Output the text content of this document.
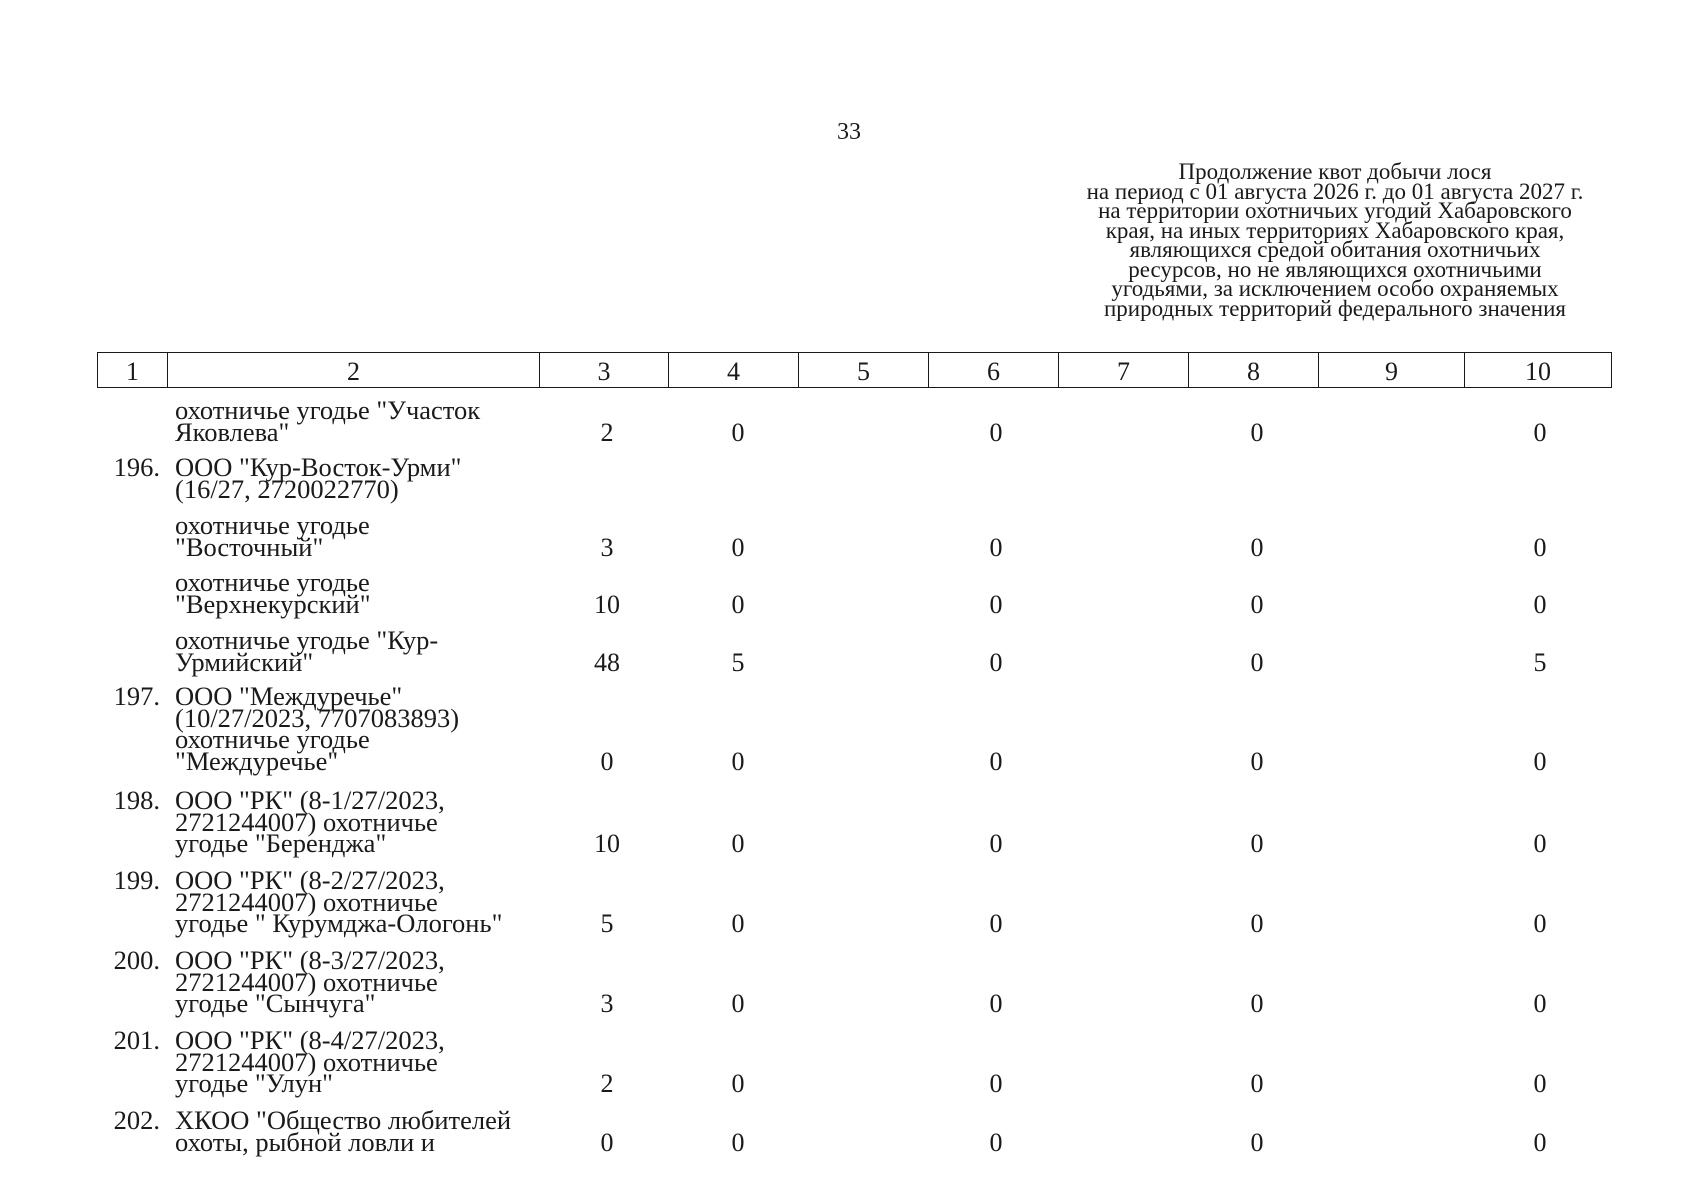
33
Продолжение квот добычи лося
на период с 01 августа 2026 г. до 01 августа 2027 г.
на территории охотничьих угодий Хабаровского
края, на иных территориях Хабаровского края,
являющихся средой обитания охотничьих
ресурсов, но не являющихся охотничьими
угодьями, за исключением особо охраняемых
природных территорий федерального значения
1	2	3	4	5	6	7	8	9	10
охотничье угодье "Участок
Яковлева"	2	0	0	0	0
196. ООО "Кур-Восток-Урми"
(16/27, 2720022770)
охотничье угодье
"Восточный"	3	0	0	0	0
охотничье угодье
"Верхнекурский"	10	0	0	0	0
охотничье угодье "Кур-
Урмийский"	48	5	0	0	5
197. ООО "Междуречье"
(10/27/2023, 7707083893)
охотничье угодье
"Междуречье"	0	0	0	0	0
198. ООО "РК" (8-1/27/2023,
2721244007) охотничье
угодье "Беренджа"	10	0	0	0	0
199. ООО "РК" (8-2/27/2023,
2721244007) охотничье
угодье " Курумджа-Ологонь"	5	0	0	0	0
200. ООО "РК" (8-3/27/2023,
2721244007) охотничье
угодье "Сынчуга"	3	0	0	0	0
201. ООО "РК" (8-4/27/2023,
2721244007) охотничье
угодье "Улун"	2	0	0	0	0
202. ХКОО "Общество любителей
охоты, рыбной ловли и	0	0	0	0	0
